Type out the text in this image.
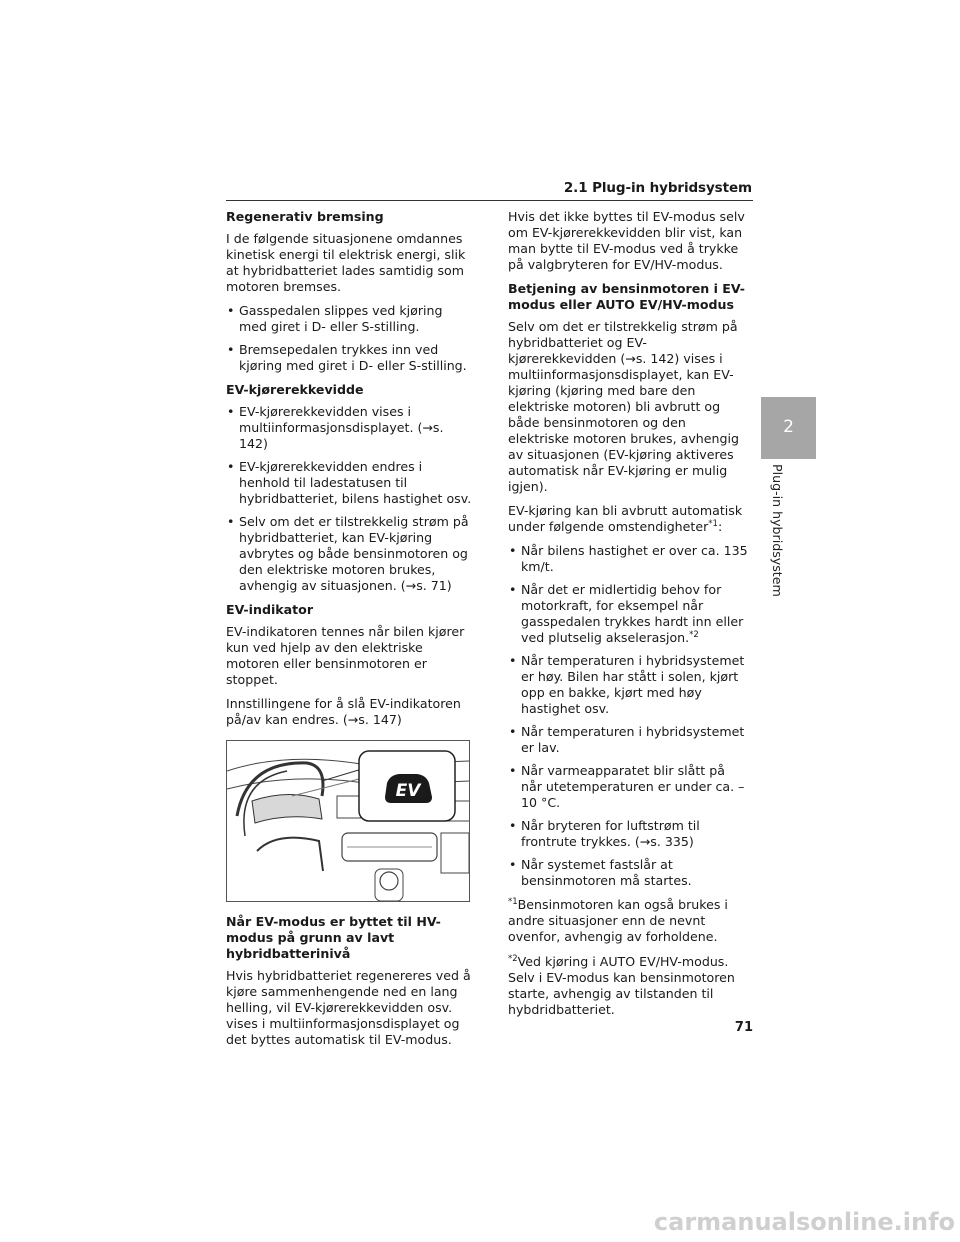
2.1 Plug-in hybridsystem
Regenerativ bremsing

I de følgende situasjonene omdannes kinetisk energi til elektrisk energi, slik at hybridbatteriet lades samtidig som motoren bremses.

• Gasspedalen slippes ved kjøring med giret i D- eller S-stilling.
• Bremsepedalen trykkes inn ved kjøring med giret i D- eller S-stilling.
EV-kjørerekkevidde
• EV-kjørerekkevidden vises i multiinformasjonsdisplayet. (→s. 142)
• EV-kjørerekkevidden endres i henhold til ladestatusen til hybridbatteriet, bilens hastighet osv.
• Selv om det er tilstrekkelig strøm på hybridbatteriet, kan EV-kjøring avbrytes og både bensinmotoren og den elektriske motoren brukes, avhengig av situasjonen. (→s. 71)
EV-indikator

EV-indikatoren tennes når bilen kjører kun ved hjelp av den elektriske motoren eller bensinmotoren er stoppet.

Innstillingene for å slå EV-indikatoren på/av kan endres. (→s. 147)

EV
Når EV-modus er byttet til HV-modus på grunn av lavt hybridbatterinivå

Hvis hybridbatteriet regenereres ved å kjøre sammenhengende ned en lang helling, vil EV-kjørerekkevidden osv. vises i multiinformasjonsdisplayet og det byttes automatisk til EV-modus.

Hvis det ikke byttes til EV-modus selv om EV-kjørerekkevidden blir vist, kan man bytte til EV-modus ved å trykke på valgbryteren for EV/HV-modus.

Betjening av bensinmotoren i EV-modus eller AUTO EV/HV-modus

Selv om det er tilstrekkelig strøm på hybridbatteriet og EV-kjørerekkevidden (→s. 142) vises i multiinformasjonsdisplayet, kan EV-kjøring (kjøring med bare den elektriske motoren) bli avbrutt og både bensinmotoren og den elektriske motoren brukes, avhengig av situasjonen (EV-kjøring aktiveres automatisk når EV-kjøring er mulig igjen).

EV-kjøring kan bli avbrutt automatisk under følgende omstendigheter$^{*1}$:

• Når bilens hastighet er over ca. 135 km/t.
• Når det er midlertidig behov for motorkraft, for eksempel når gasspedalen trykkes hardt inn eller ved plutselig akselerasjon.$^{*2}$
• Når temperaturen i hybridsystemet er høy. Bilen har stått i solen, kjørt opp en bakke, kjørt med høy hastighet osv.
• Når temperaturen i hybridsystemet er lav.
• Når varmeapparatet blir slått på når utetemperaturen er under ca. –10 °C.
• Når bryteren for luftstrøm til frontrute trykkes. (→s. 335)
• Når systemet fastslår at bensinmotoren må startes.

$^{*1}$Bensinmotoren kan også brukes i andre situasjoner enn de nevnt ovenfor, avhengig av forholdene.

$^{*2}$Ved kjøring i AUTO EV/HV-modus. Selv i EV-modus kan bensinmotoren starte, avhengig av tilstanden til hybdridbatteriet.

2
Plug-in hybridsystem
71
carmanualsonline.info
